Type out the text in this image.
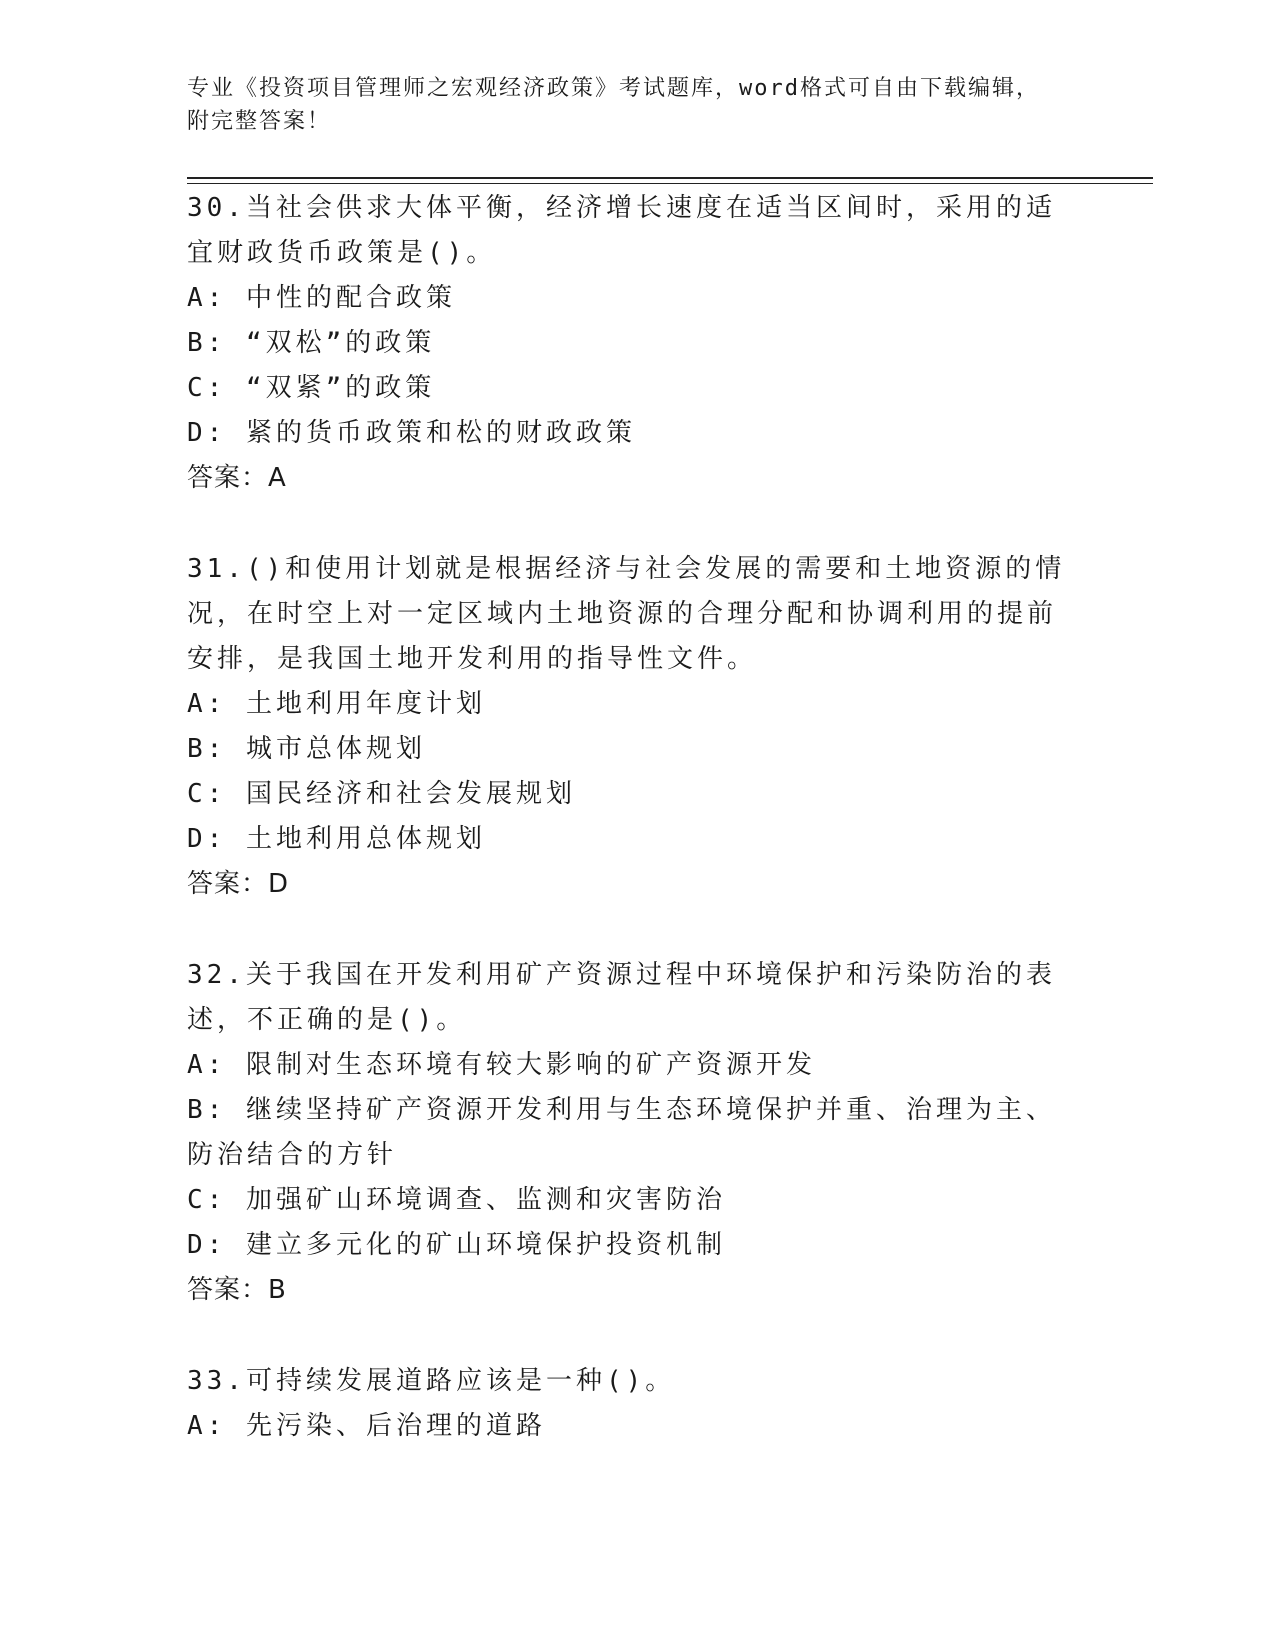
专业《投资项目管理师之宏观经济政策》考试题库，word格式可自由下载编辑，
附完整答案！
30.当社会供求大体平衡，经济增长速度在适当区间时，采用的适宜财政货币政策是()。
A: 中性的配合政策
B: “双松”的政策
C: “双紧”的政策
D: 紧的货币政策和松的财政政策
答案：A
31.()和使用计划就是根据经济与社会发展的需要和土地资源的情况，在时空上对一定区域内土地资源的合理分配和协调利用的提前安排，是我国土地开发利用的指导性文件。
A: 土地利用年度计划
B: 城市总体规划
C: 国民经济和社会发展规划
D: 土地利用总体规划
答案：D
32.关于我国在开发利用矿产资源过程中环境保护和污染防治的表述，不正确的是()。
A: 限制对生态环境有较大影响的矿产资源开发
B: 继续坚持矿产资源开发利用与生态环境保护并重、治理为主、防治结合的方针
C: 加强矿山环境调查、监测和灾害防治
D: 建立多元化的矿山环境保护投资机制
答案：B
33.可持续发展道路应该是一种()。
A: 先污染、后治理的道路
